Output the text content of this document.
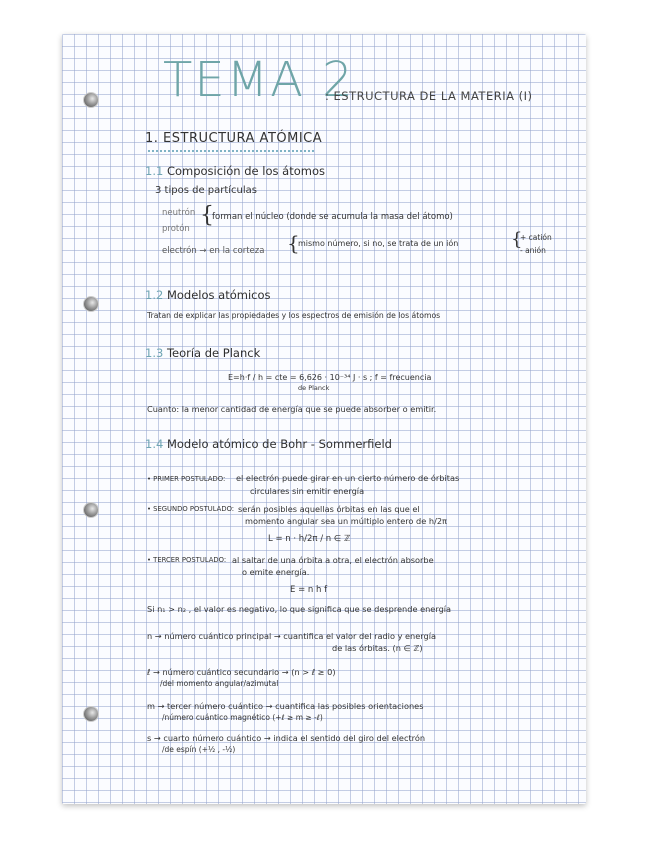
TEMA 2
: ESTRUCTURA DE LA MATERIA (I)
1. ESTRUCTURA ATÓMICA
1.1 Composición de los átomos
3 tipos de partículas
neutrón
protón
{
forman el núcleo (donde se acumula la masa del átomo)
electrón → en la corteza {
mismo número, si no, se trata de un ión	{
+ catión
- anión
1.2 Modelos atómicos
Tratan de explicar las propiedades y los espectros de emisión de los átomos
1.3 Teoría de Planck
E=h·f / h = cte = 6,626 · 10⁻³⁴ J · s ; f = frecuencia
de Planck
Cuanto: la menor cantidad de energía que se puede absorber o emitir.
1.4 Modelo atómico de Bohr - Sommerfield
• PRIMER POSTULADO: el electrón puede girar en un cierto número de órbitas
circulares sin emitir energía
• SEGUNDO POSTULADO: serán posibles aquellas órbitas en las que el
momento angular sea un múltiplo entero de h/2π
L = n · h/2π / n ∈ ℤ
• TERCER POSTULADO: al saltar de una órbita a otra, el electrón absorbe
o emite energía.
E = n h f
Si n₁ > n₂ , el valor es negativo, lo que significa que se desprende energía
n → número cuántico principal → cuantifica el valor del radio y energía
de las órbitas. (n ∈ ℤ)
ℓ → número cuántico secundario → (n > ℓ ≥ 0)
/del momento angular/azimutal
m → tercer número cuántico → cuantifica las posibles orientaciones
/número cuántico magnético (+ℓ ≥ m ≥ -ℓ)
s → cuarto número cuántico → indica el sentido del giro del electrón
/de espín (+½ , -½)
